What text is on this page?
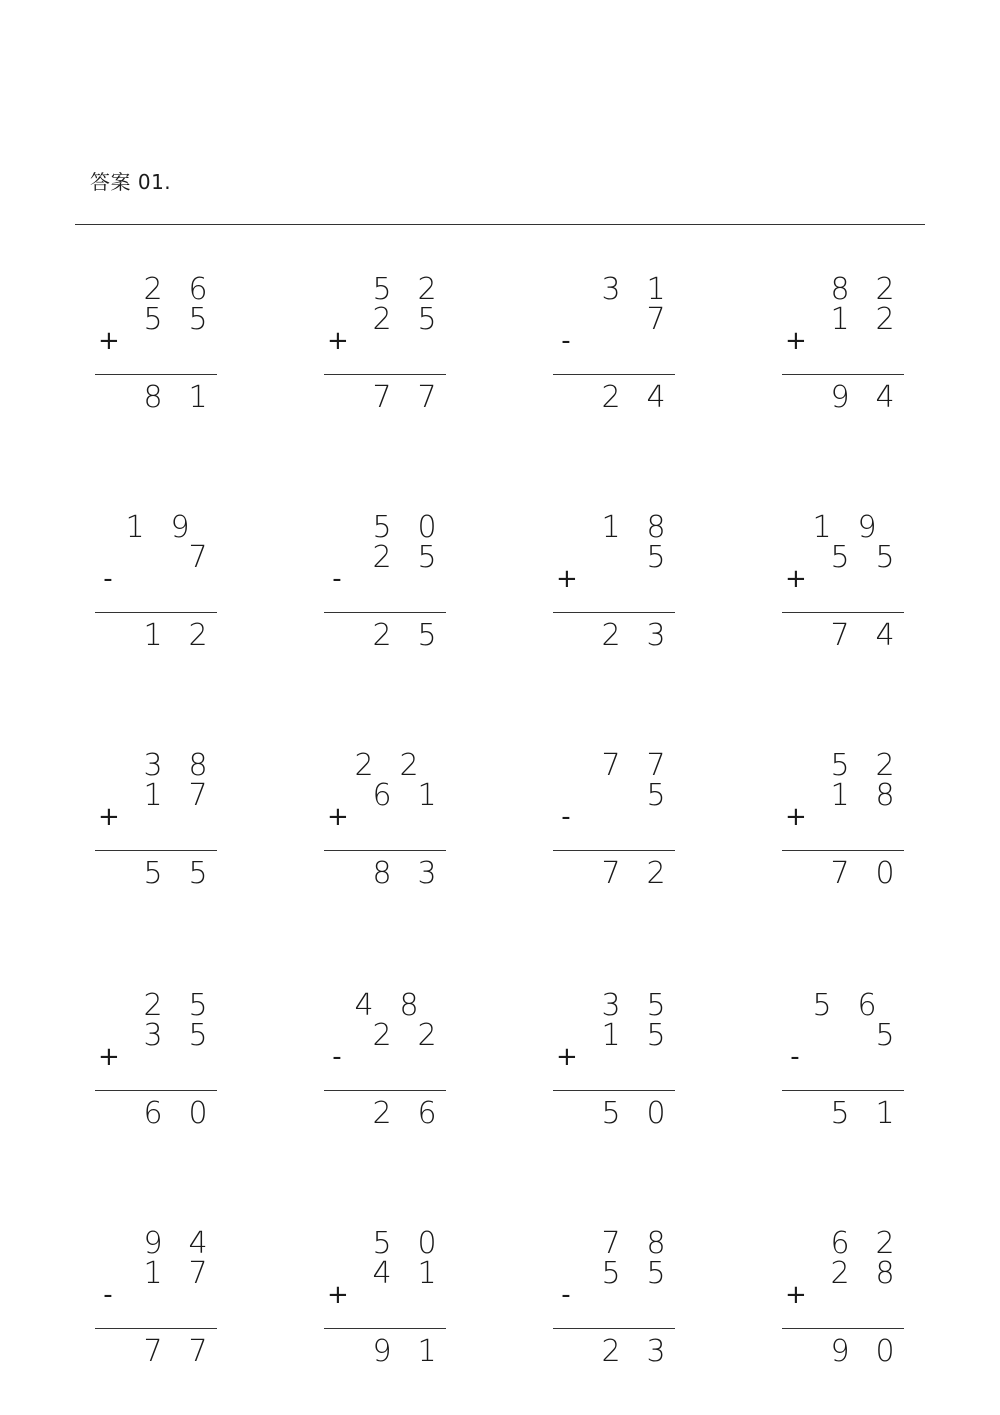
答案 01.
2 6
5 5
+
8 1
5 2
2 5
+
7 7
3 1
7
-
2 4
8 2
1 2
+
9 4
1 9
7
-
1 2
5 0
2 5
-
2 5
1 8
5
+
2 3
1 9
5 5
+
7 4
3 8
1 7
+
5 5
2 2
6 1
+
8 3
7 7
5
-
7 2
5 2
1 8
+
7 0
2 5
3 5
+
6 0
4 8
2 2
-
2 6
3 5
1 5
+
5 0
5 6
5
-
5 1
9 4
1 7
-
7 7
5 0
4 1
+
9 1
7 8
5 5
-
2 3
6 2
2 8
+
9 0
